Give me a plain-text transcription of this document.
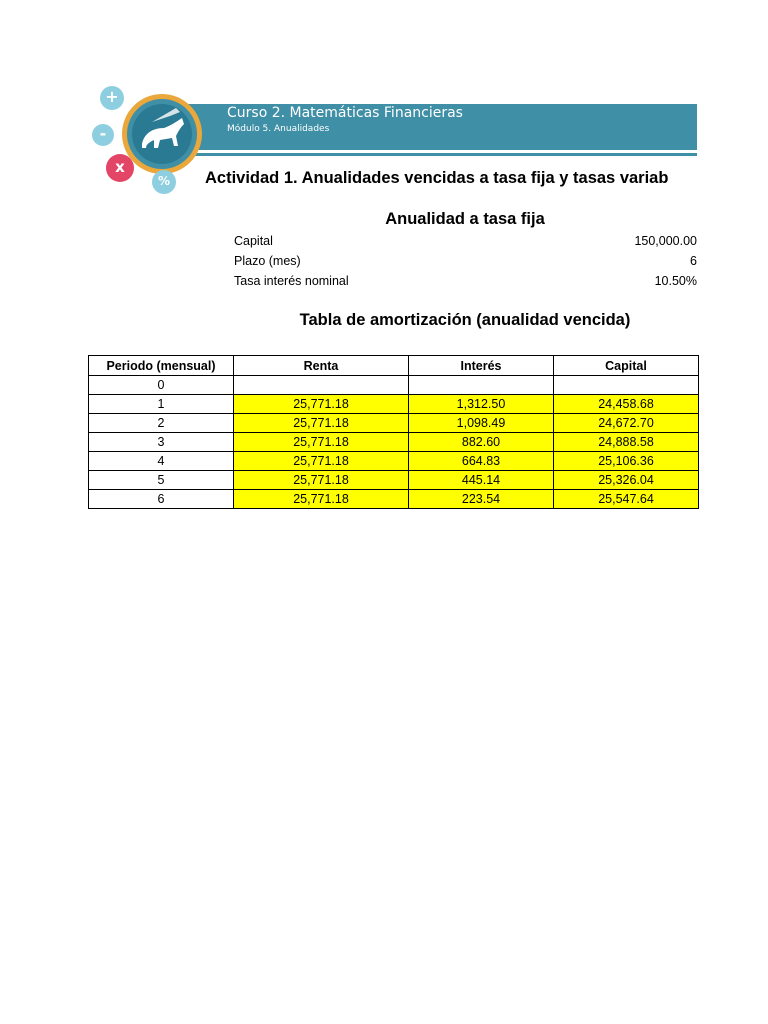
+
-
x
%
Curso 2. Matemáticas Financieras
Módulo 5. Anualidades
Actividad 1. Anualidades vencidas a tasa fija y tasas variab
Anualidad a tasa fija
Capital	150,000.00
Plazo (mes)	6
Tasa interés nominal	10.50%
Tabla de amortización (anualidad vencida)
Periodo (mensual)	Renta	Interés	Capital
0			
1	25,771.18	1,312.50	24,458.68
2	25,771.18	1,098.49	24,672.70
3	25,771.18	882.60	24,888.58
4	25,771.18	664.83	25,106.36
5	25,771.18	445.14	25,326.04
6	25,771.18	223.54	25,547.64
